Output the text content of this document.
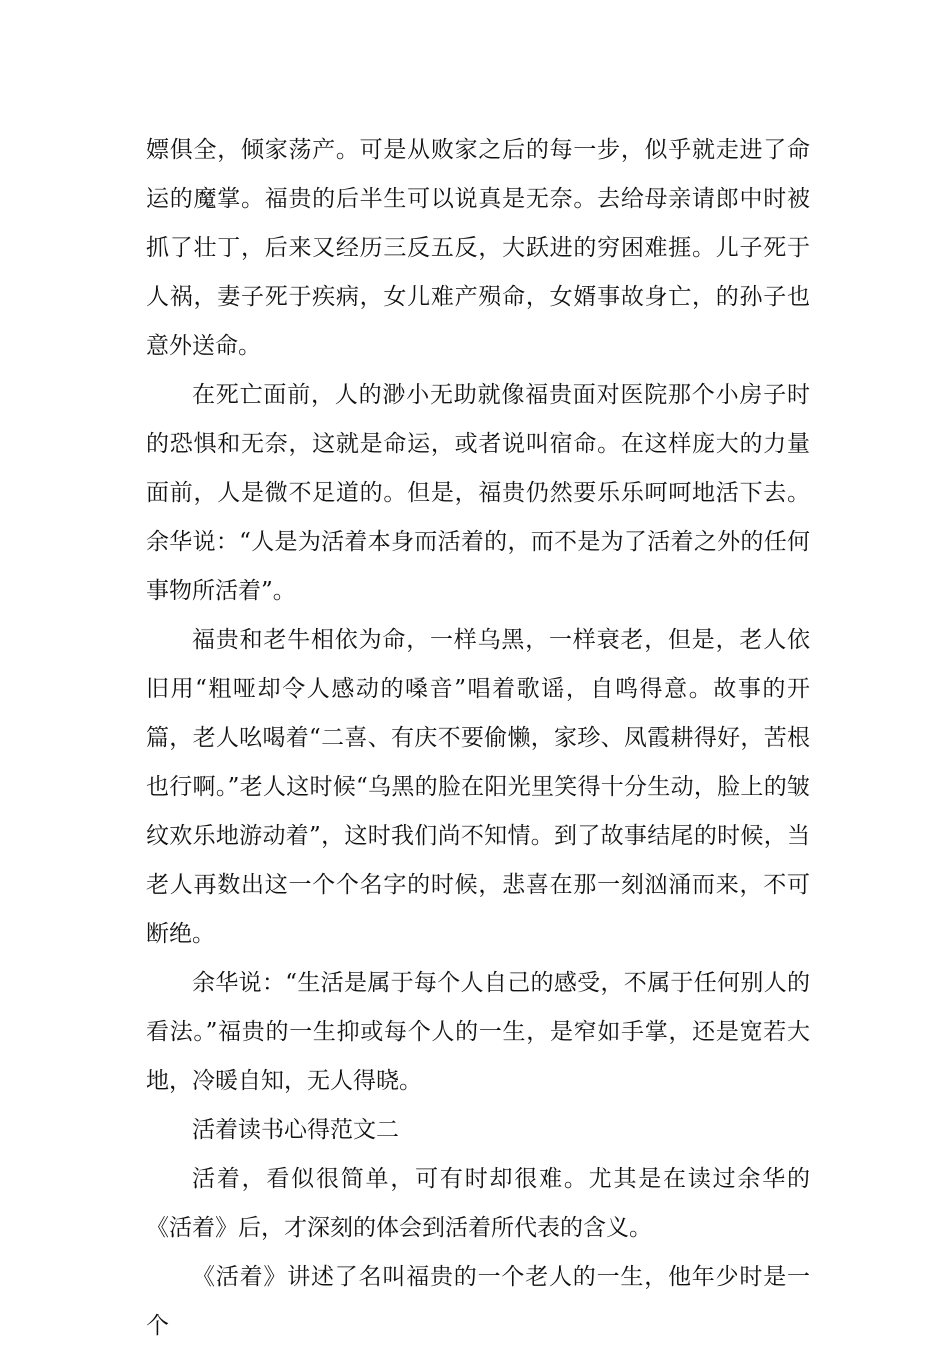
嫖俱全，倾家荡产。可是从败家之后的每一步，似乎就走进了命运的魔掌。福贵的后半生可以说真是无奈。去给母亲请郎中时被抓了壮丁，后来又经历三反五反，大跃进的穷困难捱。儿子死于人祸，妻子死于疾病，女儿难产殒命，女婿事故身亡，的孙子也意外送命。

在死亡面前，人的渺小无助就像福贵面对医院那个小房子时的恐惧和无奈，这就是命运，或者说叫宿命。在这样庞大的力量面前，人是微不足道的。但是，福贵仍然要乐乐呵呵地活下去。余华说：“人是为活着本身而活着的，而不是为了活着之外的任何事物所活着”。

福贵和老牛相依为命，一样乌黑，一样衰老，但是，老人依旧用“粗哑却令人感动的嗓音”唱着歌谣，自鸣得意。故事的开篇，老人吆喝着“二喜、有庆不要偷懒，家珍、凤霞耕得好，苦根也行啊。”老人这时候“乌黑的脸在阳光里笑得十分生动，脸上的皱纹欢乐地游动着”，这时我们尚不知情。到了故事结尾的时候，当老人再数出这一个个名字的时候，悲喜在那一刻汹涌而来，不可断绝。

余华说：“生活是属于每个人自己的感受，不属于任何别人的看法。”福贵的一生抑或每个人的一生，是窄如手掌，还是宽若大地，冷暖自知，无人得晓。

活着读书心得范文二

活着，看似很简单，可有时却很难。尤其是在读过余华的《活着》后，才深刻的体会到活着所代表的含义。

《活着》讲述了名叫福贵的一个老人的一生，他年少时是一个
